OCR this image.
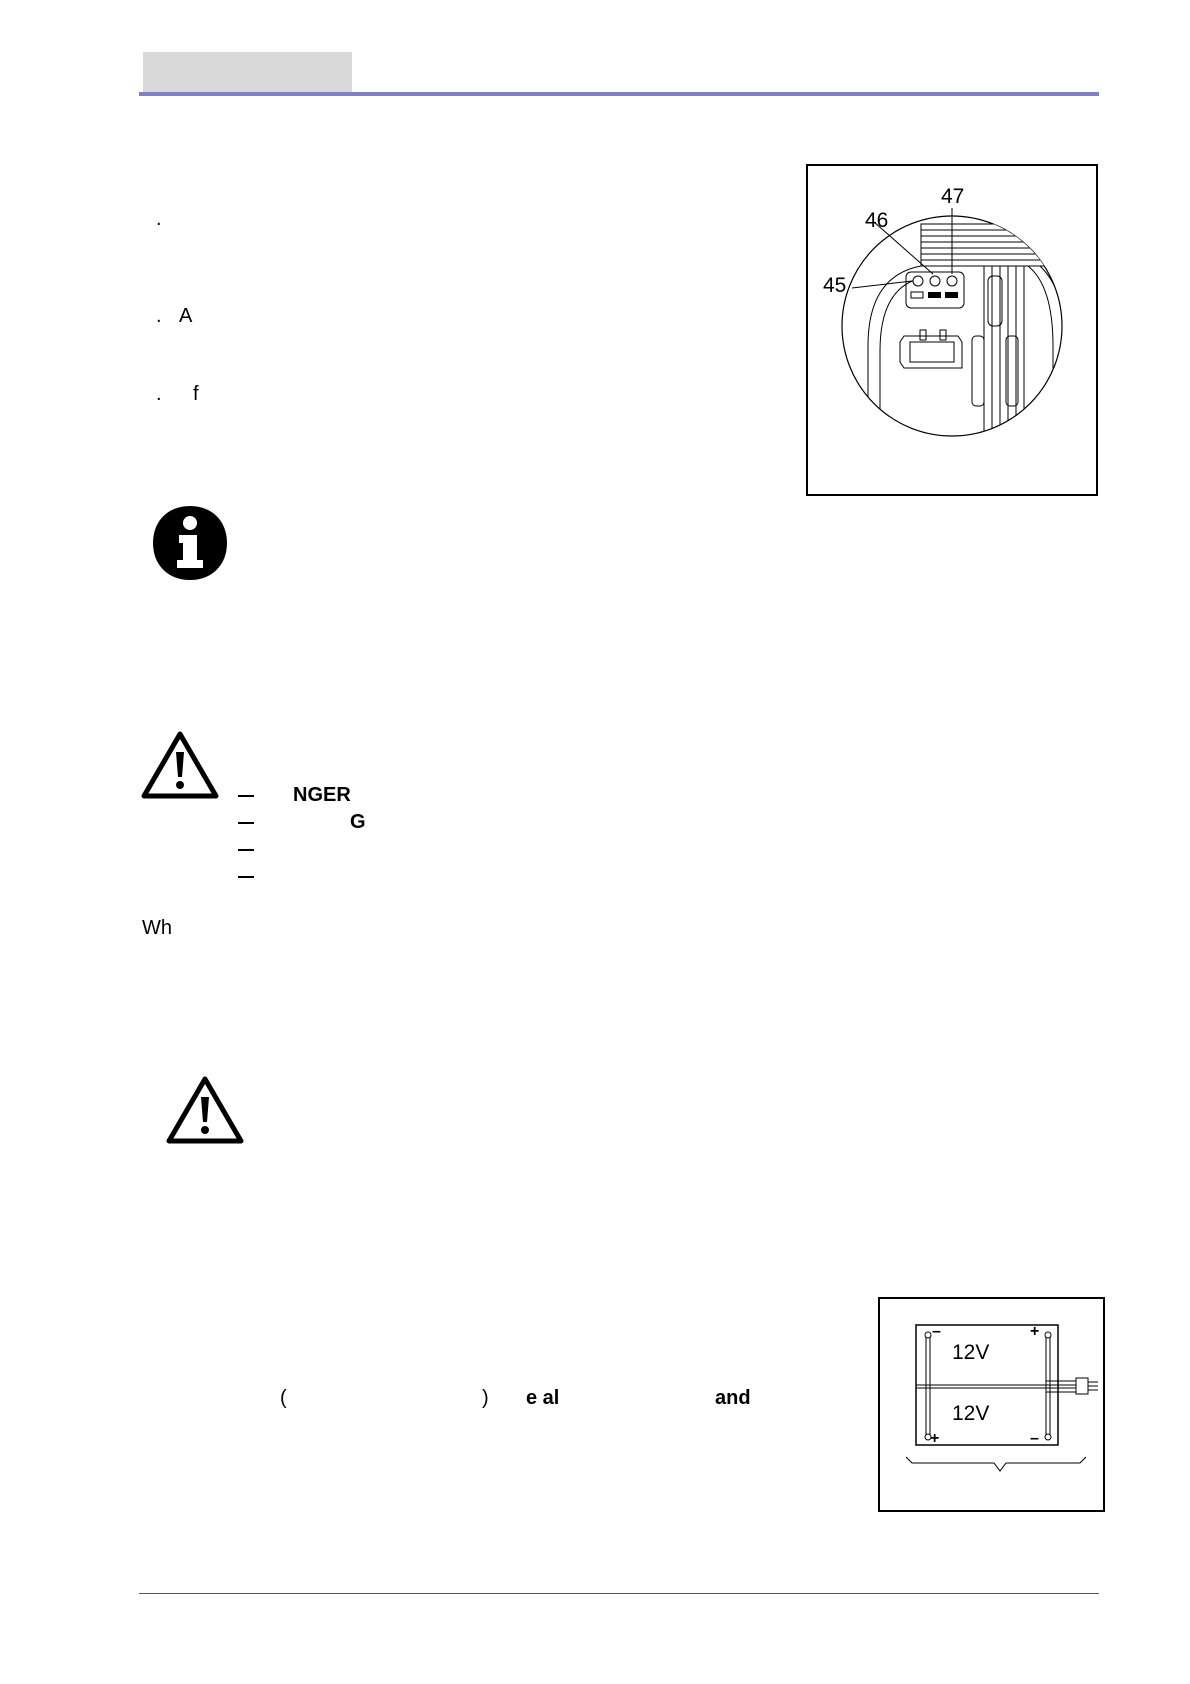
.
. A
. f
45
46
47
NGER
G
Wh
(	) e al	and
12V
12V
–	+
+	–
